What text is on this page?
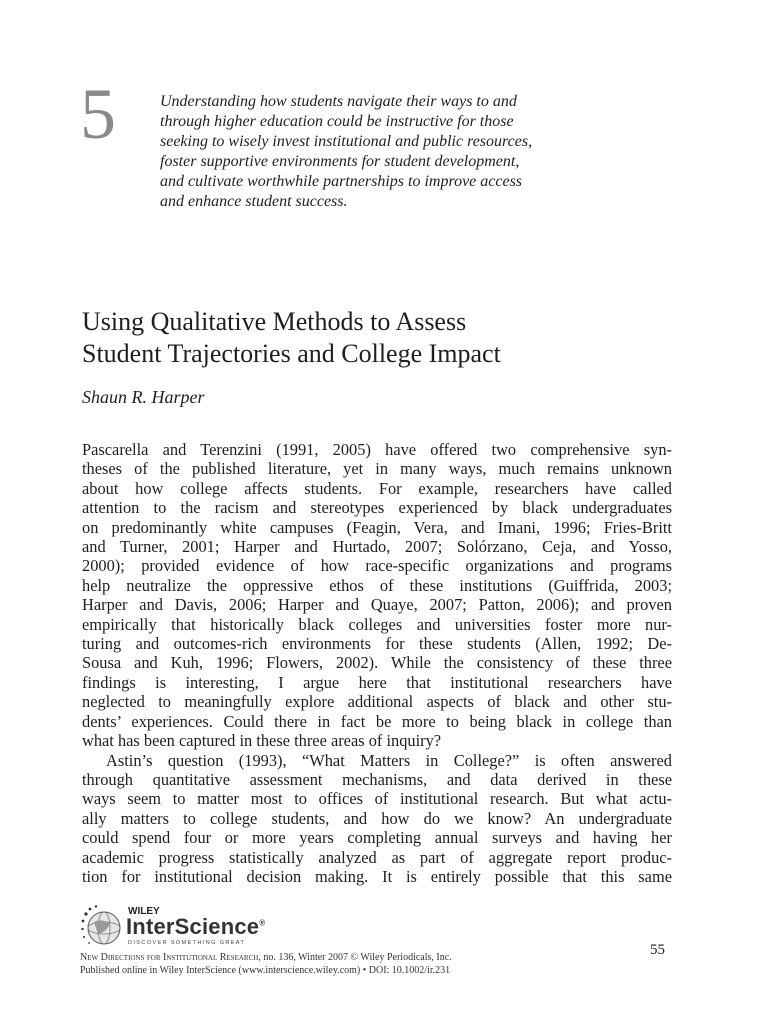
5	Understanding how students navigate their ways to and
through higher education could be instructive for those
seeking to wisely invest institutional and public resources,
foster supportive environments for student development,
and cultivate worthwhile partnerships to improve access
and enhance student success.
Using Qualitative Methods to Assess
Student Trajectories and College Impact
Shaun R. Harper
Pascarella and Terenzini (1991, 2005) have offered two comprehensive syn-
theses of the published literature, yet in many ways, much remains unknown
about how college affects students. For example, researchers have called
attention to the racism and stereotypes experienced by black undergraduates
on predominantly white campuses (Feagin, Vera, and Imani, 1996; Fries-Britt
and Turner, 2001; Harper and Hurtado, 2007; Solórzano, Ceja, and Yosso,
2000); provided evidence of how race-specific organizations and programs
help neutralize the oppressive ethos of these institutions (Guiffrida, 2003;
Harper and Davis, 2006; Harper and Quaye, 2007; Patton, 2006); and proven
empirically that historically black colleges and universities foster more nur-
turing and outcomes-rich environments for these students (Allen, 1992; De-
Sousa and Kuh, 1996; Flowers, 2002). While the consistency of these three
findings is interesting, I argue here that institutional researchers have
neglected to meaningfully explore additional aspects of black and other stu-
dents’ experiences. Could there in fact be more to being black in college than
what has been captured in these three areas of inquiry?
Astin’s question (1993), “What Matters in College?” is often answered
through quantitative assessment mechanisms, and data derived in these
ways seem to matter most to offices of institutional research. But what actu-
ally matters to college students, and how do we know? An undergraduate
could spend four or more years completing annual surveys and having her
academic progress statistically analyzed as part of aggregate report produc-
tion for institutional decision making. It is entirely possible that this same
WILEY
InterScience®
DISCOVER SOMETHING GREAT	55
New Directions for Institutional Research, no. 136, Winter 2007 © Wiley Periodicals, Inc.
Published online in Wiley InterScience (www.interscience.wiley.com) • DOI: 10.1002/ir.231
